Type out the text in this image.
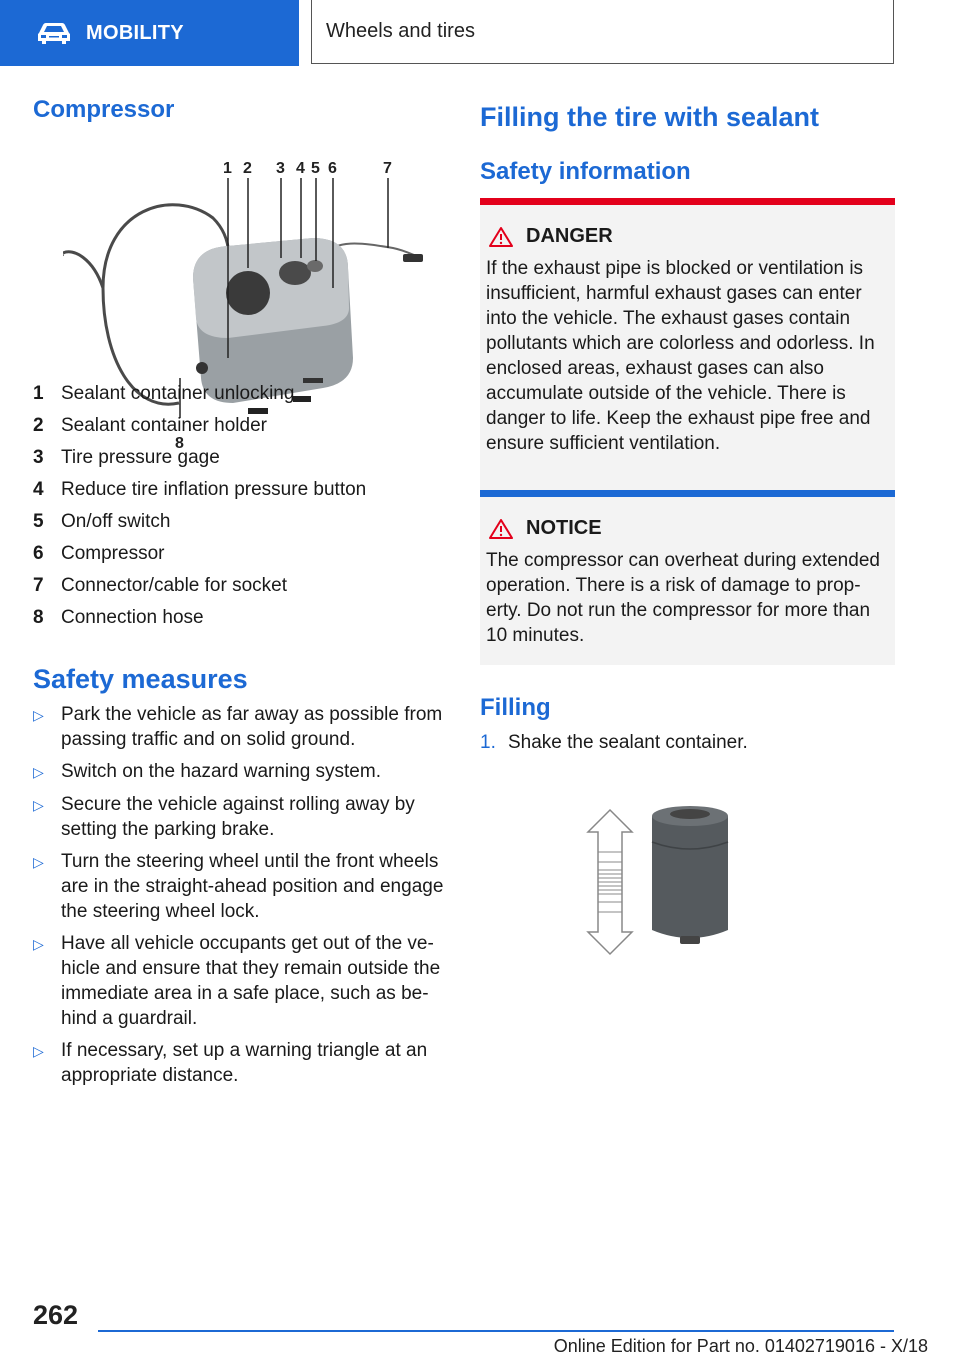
MOBILITY	Wheels and tires
Compressor
1 2 3 4 5 6	7
8
1 Sealant container unlocking
2 Sealant container holder
3 Tire pressure gage
4 Reduce tire inflation pressure button
5 On/off switch
6 Compressor
7 Connector/cable for socket
8 Connection hose
Safety measures
▷ Park the vehicle as far away as possible from passing traffic and on solid ground.
▷ Switch on the hazard warning system.
▷ Secure the vehicle against rolling away by setting the parking brake.
▷ Turn the steering wheel until the front wheels are in the straight-ahead position and engage the steering wheel lock.
▷ Have all vehicle occupants get out of the vehicle and ensure that they remain outside the immediate area in a safe place, such as behind a guardrail.
▷ If necessary, set up a warning triangle at an appropriate distance.
Filling the tire with sealant
Safety information
DANGER
If the exhaust pipe is blocked or ventilation is insufficient, harmful exhaust gases can enter into the vehicle. The exhaust gases contain pollutants which are colorless and odorless. In enclosed areas, exhaust gases can also accumulate outside of the vehicle. There is danger to life. Keep the exhaust pipe free and ensure sufficient ventilation.
NOTICE
The compressor can overheat during extended operation. There is a risk of damage to property. Do not run the compressor for more than 10 minutes.
Filling
1. Shake the sealant container.
262
Online Edition for Part no. 01402719016 - X/18
